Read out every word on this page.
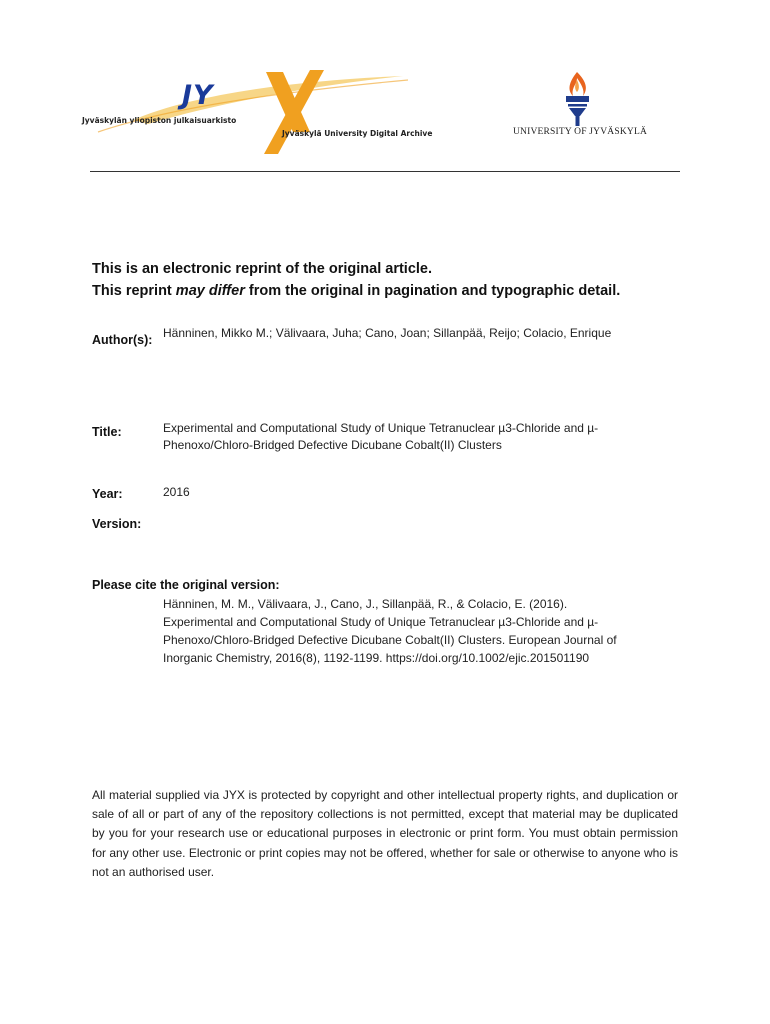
JY
Jyväskylän yliopiston julkaisuarkisto
Jyväskylä University Digital Archive	UNIVERSITY OF JYVÄSKYLÄ
This is an electronic reprint of the original article.
This reprint may differ from the original in pagination and typographic detail.
Author(s): Hänninen, Mikko M.; Välivaara, Juha; Cano, Joan; Sillanpää, Reijo; Colacio, Enrique
Title:	Experimental and Computational Study of Unique Tetranuclear µ3-Chloride and µ-
Phenoxo/Chloro-Bridged Defective Dicubane Cobalt(II) Clusters
Year:	2016
Version:
Please cite the original version:
Hänninen, M. M., Välivaara, J., Cano, J., Sillanpää, R., & Colacio, E. (2016).
Experimental and Computational Study of Unique Tetranuclear µ3-Chloride and µ-
Phenoxo/Chloro-Bridged Defective Dicubane Cobalt(II) Clusters. European Journal of
Inorganic Chemistry, 2016(8), 1192-1199. https://doi.org/10.1002/ejic.201501190
All material supplied via JYX is protected by copyright and other intellectual property rights, and duplication or sale of all or part of any of the repository collections is not permitted, except that material may be duplicated by you for your research use or educational purposes in electronic or print form. You must obtain permission for any other use. Electronic or print copies may not be offered, whether for sale or otherwise to anyone who is not an authorised user.
